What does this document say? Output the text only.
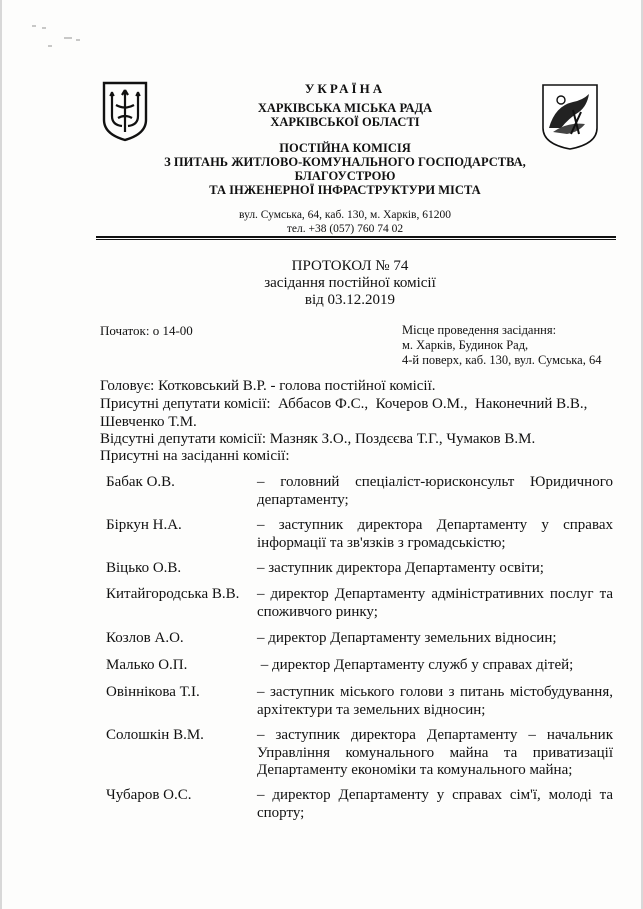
УКРАЇНА
ХАРКІВСЬКА МІСЬКА РАДА
ХАРКІВСЬКОЇ ОБЛАСТІ
ПОСТІЙНА КОМІСІЯ
З ПИТАНЬ ЖИТЛОВО-КОМУНАЛЬНОГО ГОСПОДАРСТВА,
БЛАГОУСТРОЮ
ТА ІНЖЕНЕРНОЇ ІНФРАСТРУКТУРИ МІСТА
вул. Сумська, 64, каб. 130, м. Харків, 61200
тел. +38 (057) 760 74 02
ПРОТОКОЛ № 74
засідання постійної комісії
від 03.12.2019
Початок: о 14-00	Місце проведення засідання:
м. Харків, Будинок Рад,
4-й поверх, каб. 130, вул. Сумська, 64
Головує: Котковський В.Р. - голова постійної комісії.
Присутні депутати комісії:  Аббасов Ф.С.,  Кочеров О.М.,  Наконечний В.В.,
Шевченко Т.М.
Відсутні депутати комісії: Мазняк З.О., Поздєєва Т.Г., Чумаков В.М.
Присутні на засіданні комісії:
Бабак О.В.	– головний спеціаліст-юрисконсульт Юридичного департаменту;
Біркун Н.А.	– заступник директора Департаменту у справах інформації та зв'язків з громадськістю;
Віцько О.В.	– заступник директора Департаменту освіти;
Китайгородська В.В. – директор Департаменту адміністративних послуг та споживчого ринку;
Козлов А.О.	– директор Департаменту земельних відносин;
Малько О.П.	– директор Департаменту служб у справах дітей;
Овіннікова Т.І.	– заступник міського голови з питань містобудування, архітектури та земельних відносин;
Солошкін В.М.	– заступник директора Департаменту – начальник Управління комунального майна та приватизації Департаменту економіки та комунального майна;
Чубаров О.С.	– директор Департаменту у справах сім'ї, молоді та спорту;
